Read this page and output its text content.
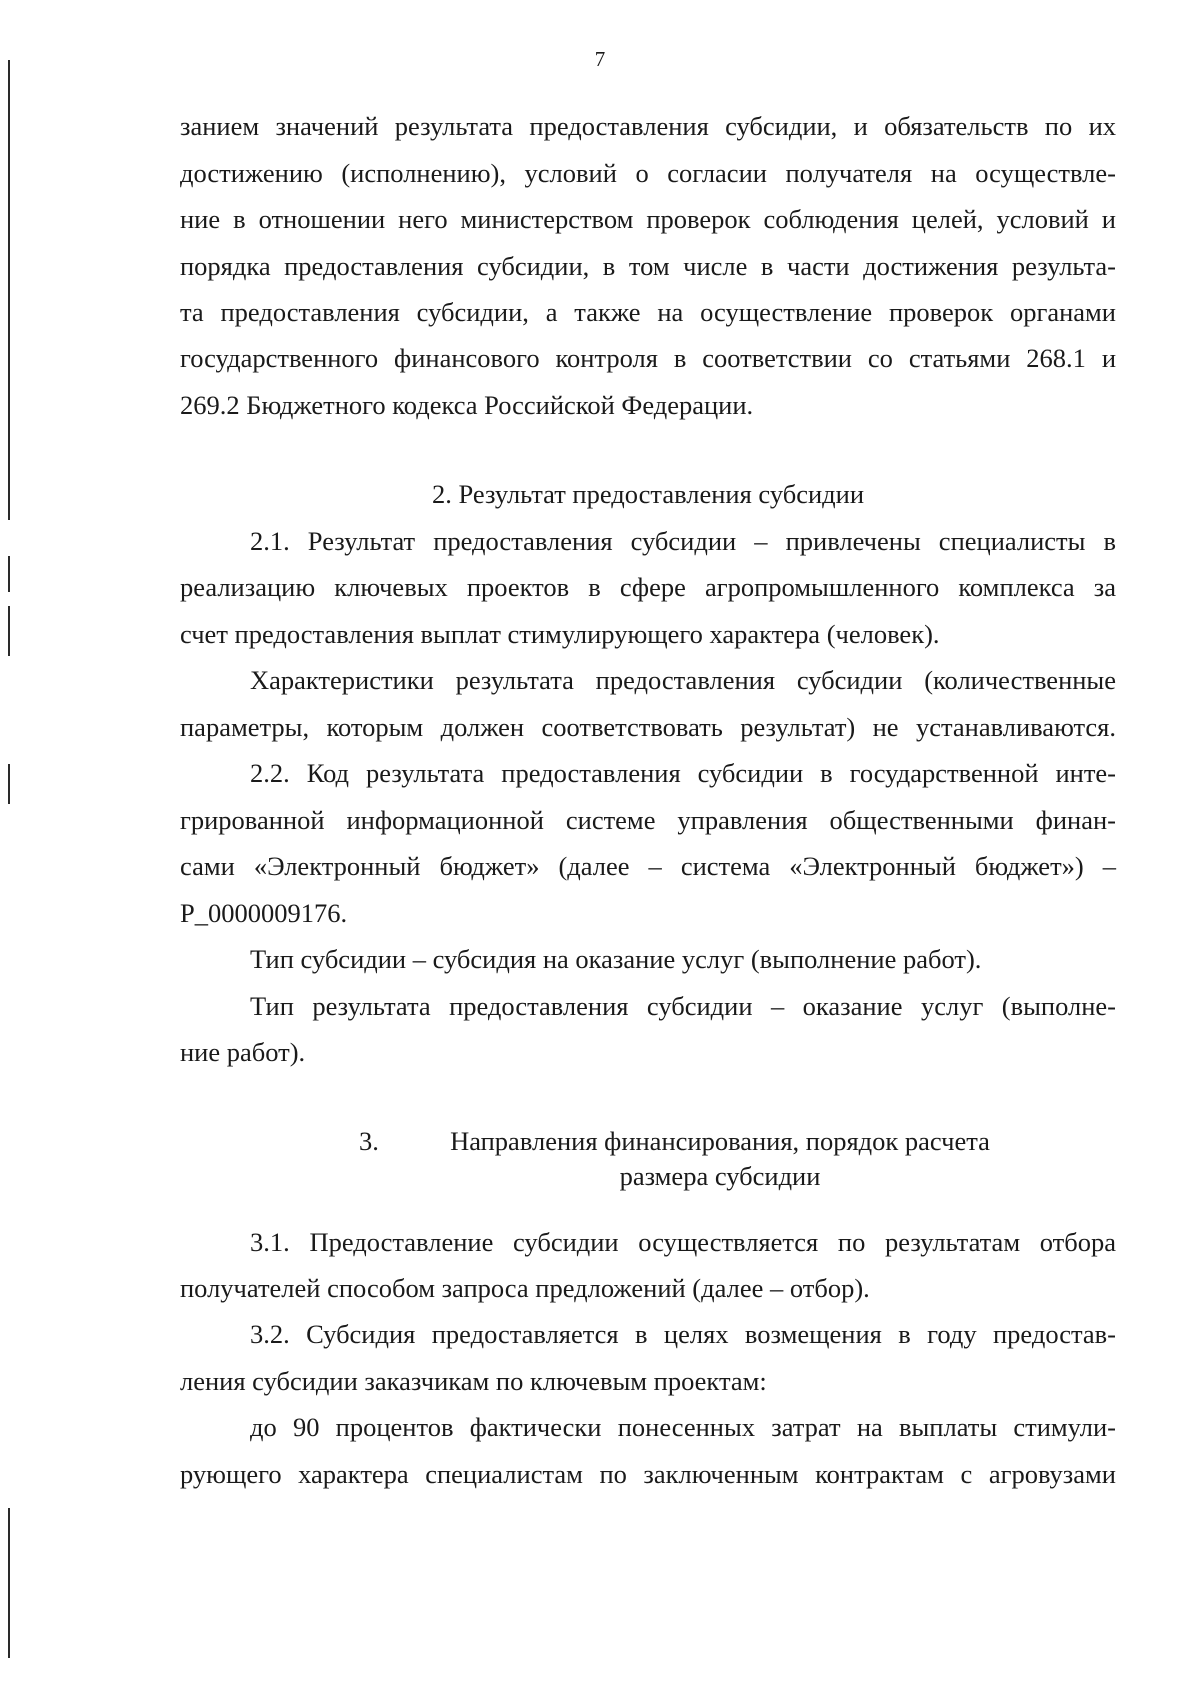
7
занием значений результата предоставления субсидии, и обязательств по их
достижению (исполнению), условий о согласии получателя на осуществле-
ние в отношении него министерством проверок соблюдения целей, условий и
порядка предоставления субсидии, в том числе в части достижения результа-
та предоставления субсидии, а также на осуществление проверок органами
государственного финансового контроля в соответствии со статьями 268.1 и
269.2 Бюджетного кодекса Российской Федерации.
2. Результат предоставления субсидии
2.1. Результат предоставления субсидии – привлечены специалисты в
реализацию ключевых проектов в сфере агропромышленного комплекса за
счет предоставления выплат стимулирующего характера (человек).
Характеристики результата предоставления субсидии (количественные
параметры, которым должен соответствовать результат) не устанавливаются.
2.2. Код результата предоставления субсидии в государственной инте-
грированной информационной системе управления общественными финан-
сами «Электронный бюджет» (далее – система «Электронный бюджет») –
P_0000009176.
Тип субсидии – субсидия на оказание услуг (выполнение работ).
Тип результата предоставления субсидии – оказание услуг (выполне-
ние работ).
3.	Направления финансирования, порядок расчета
размера субсидии
3.1. Предоставление субсидии осуществляется по результатам отбора
получателей способом запроса предложений (далее – отбор).
3.2. Субсидия предоставляется в целях возмещения в году предостав-
ления субсидии заказчикам по ключевым проектам:
до 90 процентов фактически понесенных затрат на выплаты стимули-
рующего характера специалистам по заключенным контрактам с агровузами
